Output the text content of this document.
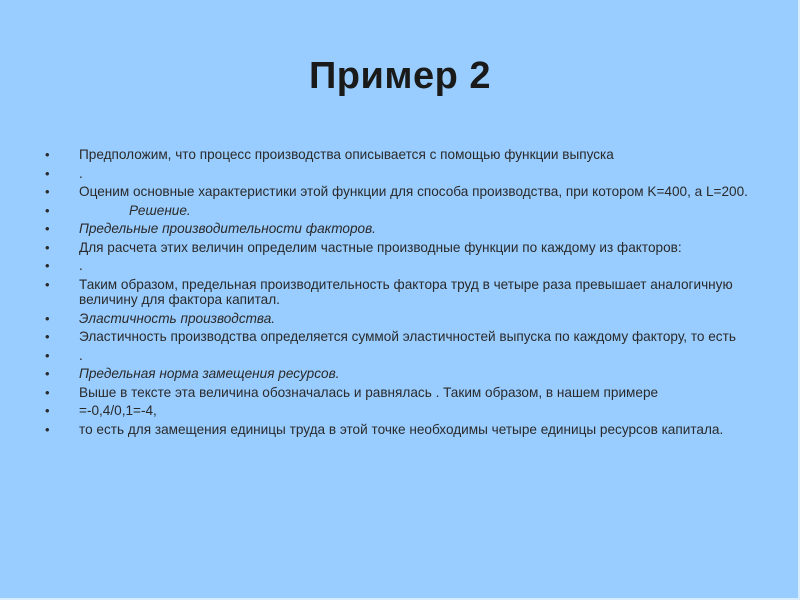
Пример 2
•	Предположим, что процесс производства описывается с помощью функции выпуска
•	.
•	Оценим основные характеристики этой функции для способа производства, при котором K=400, а L=200.
•	Решение.
•	Предельные производительности факторов.
•	Для расчета этих величин определим частные производные функции по каждому из факторов:
•	.
•	Таким образом, предельная производительность фактора труд в четыре раза превышает аналогичную величину для фактора капитал.
•	Эластичность производства.
•	Эластичность производства определяется суммой эластичностей выпуска по каждому фактору, то есть
•	.
•	Предельная норма замещения ресурсов.
•	Выше в тексте эта величина обозначалась и равнялась . Таким образом, в нашем примере
•	=-0,4/0,1=-4,
•	то есть для замещения единицы труда в этой точке необходимы четыре единицы ресурсов капитала.
